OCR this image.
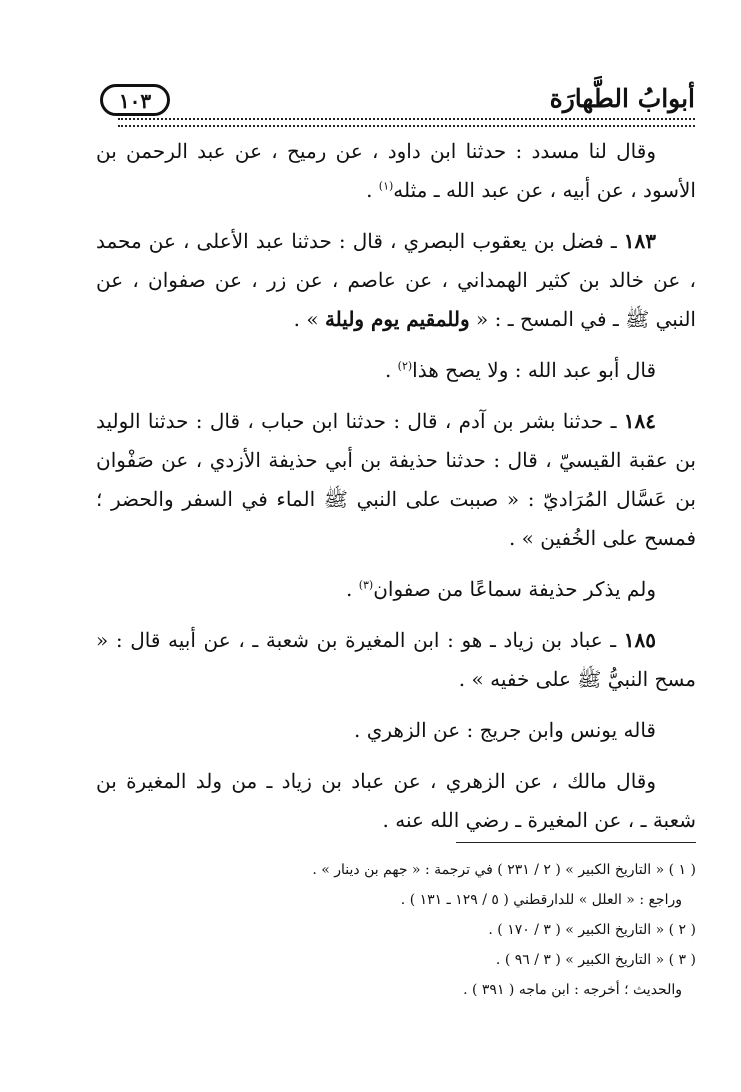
أبوابُ الطَّهارَة
١٠٣

وقال لنا مسدد : حدثنا ابن داود ، عن رميح ، عن عبد الرحمن بن الأسود ، عن أبيه ، عن عبد الله ـ مثله$^{(١)}$ .

١٨٣ ـ فضل بن يعقوب البصري ، قال : حدثنا عبد الأعلى ، عن محمد ، عن خالد بن كثير الهمداني ، عن عاصم ، عن زر ، عن صفوان ، عن النبي ﷺ ـ في المسح ـ : « وللمقيم يوم وليلة » .

قال أبو عبد الله : ولا يصح هذا$^{(٢)}$ .

١٨٤ ـ حدثنا بشر بن آدم ، قال : حدثنا ابن حباب ، قال : حدثنا الوليد بن عقبة القيسيّ ، قال : حدثنا حذيفة بن أبي حذيفة الأزدي ، عن صَفْوان بن عَسَّال المُرَاديّ : « صببت على النبي ﷺ الماء في السفر والحضر ؛ فمسح على الخُفين » .

ولم يذكر حذيفة سماعًا من صفوان$^{(٣)}$ .

١٨٥ ـ عباد بن زياد ـ هو : ابن المغيرة بن شعبة ـ ، عن أبيه قال : « مسح النبيُّ ﷺ على خفيه » .

قاله يونس وابن جريج : عن الزهري .

وقال مالك ، عن الزهري ، عن عباد بن زياد ـ من ولد المغيرة بن شعبة ـ ، عن المغيرة ـ رضي الله عنه .

( ١ ) « التاريخ الكبير » ( ٢ / ٢٣١ ) في ترجمة : « جهم بن دينار » .
وراجع : « العلل » للدارقطني ( ٥ / ١٢٩ ـ ١٣١ ) .
( ٢ ) « التاريخ الكبير » ( ٣ / ١٧٠ ) .
( ٣ ) « التاريخ الكبير » ( ٣ / ٩٦ ) .
والحديث ؛ أخرجه : ابن ماجه ( ٣٩١ ) .
